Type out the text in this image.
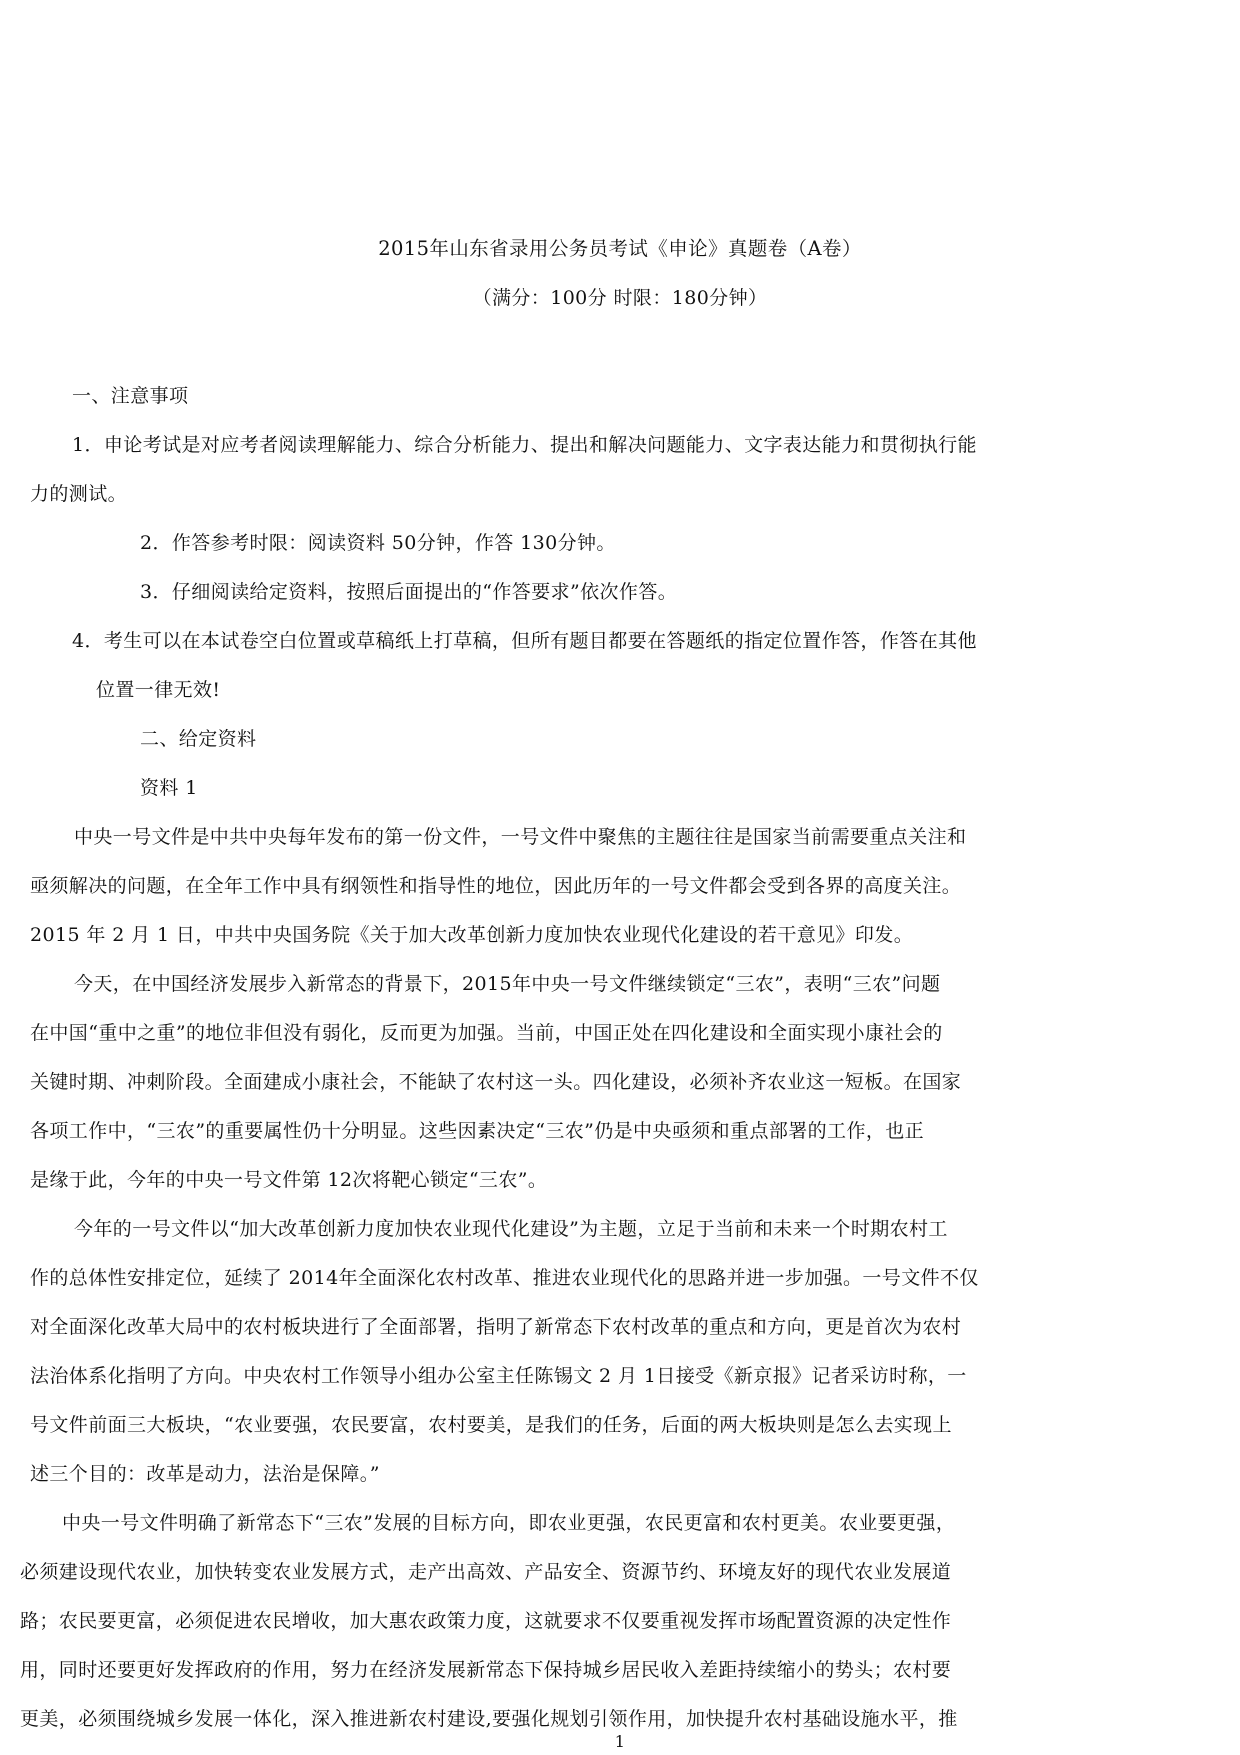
2015年山东省录用公务员考试《申论》真题卷（A卷）
（满分：100分 时限：180分钟）
一、注意事项
1．申论考试是对应考者阅读理解能力、综合分析能力、提出和解决问题能力、文字表达能力和贯彻执行能
力的测试。
2．作答参考时限：阅读资料 50分钟，作答 130分钟。
3．仔细阅读给定资料，按照后面提出的“作答要求”依次作答。
4．考生可以在本试卷空白位置或草稿纸上打草稿，但所有题目都要在答题纸的指定位置作答，作答在其他
位置一律无效!
二、给定资料
资料 1
中央一号文件是中共中央每年发布的第一份文件，一号文件中聚焦的主题往往是国家当前需要重点关注和
亟须解决的问题，在全年工作中具有纲领性和指导性的地位，因此历年的一号文件都会受到各界的高度关注。
2015 年 2 月 1 日，中共中央国务院《关于加大改革创新力度加快农业现代化建设的若干意见》印发。
今天，在中国经济发展步入新常态的背景下，2015年中央一号文件继续锁定“三农”，表明“三农”问题
在中国“重中之重”的地位非但没有弱化，反而更为加强。当前，中国正处在四化建设和全面实现小康社会的
关键时期、冲刺阶段。全面建成小康社会，不能缺了农村这一头。四化建设，必须补齐农业这一短板。在国家
各项工作中，“三农”的重要属性仍十分明显。这些因素决定“三农”仍是中央亟须和重点部署的工作，也正
是缘于此，今年的中央一号文件第 12次将靶心锁定“三农”。
今年的一号文件以“加大改革创新力度加快农业现代化建设”为主题，立足于当前和未来一个时期农村工
作的总体性安排定位，延续了 2014年全面深化农村改革、推进农业现代化的思路并进一步加强。一号文件不仅
对全面深化改革大局中的农村板块进行了全面部署，指明了新常态下农村改革的重点和方向，更是首次为农村
法治体系化指明了方向。中央农村工作领导小组办公室主任陈锡文 2 月 1日接受《新京报》记者采访时称，一
号文件前面三大板块，“农业要强，农民要富，农村要美，是我们的任务，后面的两大板块则是怎么去实现上
述三个目的：改革是动力，法治是保障。”
中央一号文件明确了新常态下“三农”发展的目标方向，即农业更强，农民更富和农村更美。农业要更强，
必须建设现代农业，加快转变农业发展方式，走产出高效、产品安全、资源节约、环境友好的现代农业发展道
路；农民要更富，必须促进农民增收，加大惠农政策力度，这就要求不仅要重视发挥市场配置资源的决定性作
用，同时还要更好发挥政府的作用，努力在经济发展新常态下保持城乡居民收入差距持续缩小的势头；农村要
更美，必须围绕城乡发展一体化，深入推进新农村建设,要强化规划引领作用，加快提升农村基础设施水平，推
1
